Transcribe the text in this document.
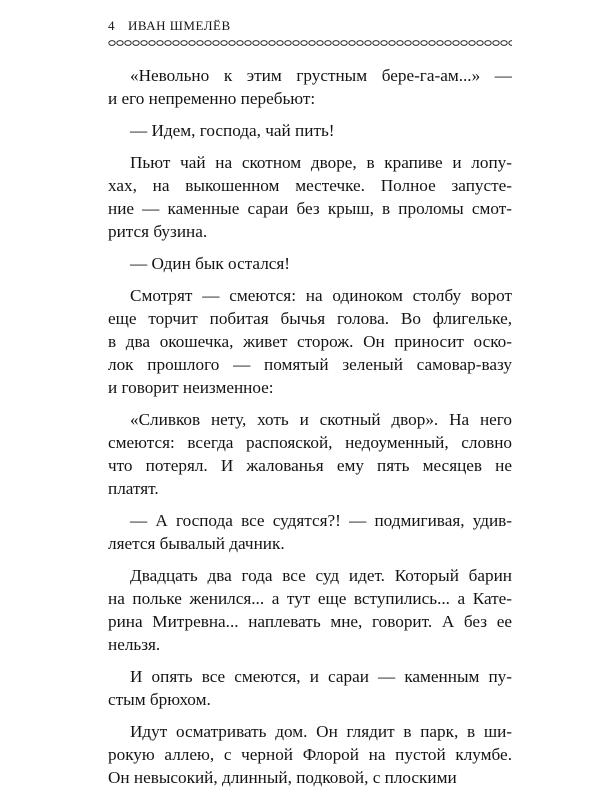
4 ИВАН ШМЕЛЁВ
«Невольно к этим грустным бере-га-ам...» —
и его непременно перебьют:
— Идем, господа, чай пить!
Пьют чай на скотном дворе, в крапиве и лопу-
хах, на выкошенном местечке. Полное запусте-
ние — каменные сараи без крыш, в проломы смот-
рится бузина.
— Один бык остался!
Смотрят — смеются: на одиноком столбу ворот
еще торчит побитая бычья голова. Во флигельке,
в два окошечка, живет сторож. Он приносит оско-
лок прошлого — помятый зеленый самовар-вазу
и говорит неизменное:
«Сливков нету, хоть и скотный двор». На него
смеются: всегда распояской, недоуменный, словно
что потерял. И жалованья ему пять месяцев не
платят.
— А господа все судятся?! — подмигивая, удив-
ляется бывалый дачник.
Двадцать два года все суд идет. Который барин
на польке женился... а тут еще вступились... а Кате-
рина Митревна... наплевать мне, говорит. А без ее
нельзя.
И опять все смеются, и сараи — каменным пу-
стым брюхом.
Идут осматривать дом. Он глядит в парк, в ши-
рокую аллею, с черной Флорой на пустой клумбе.
Он невысокий, длинный, подковой, с плоскими
